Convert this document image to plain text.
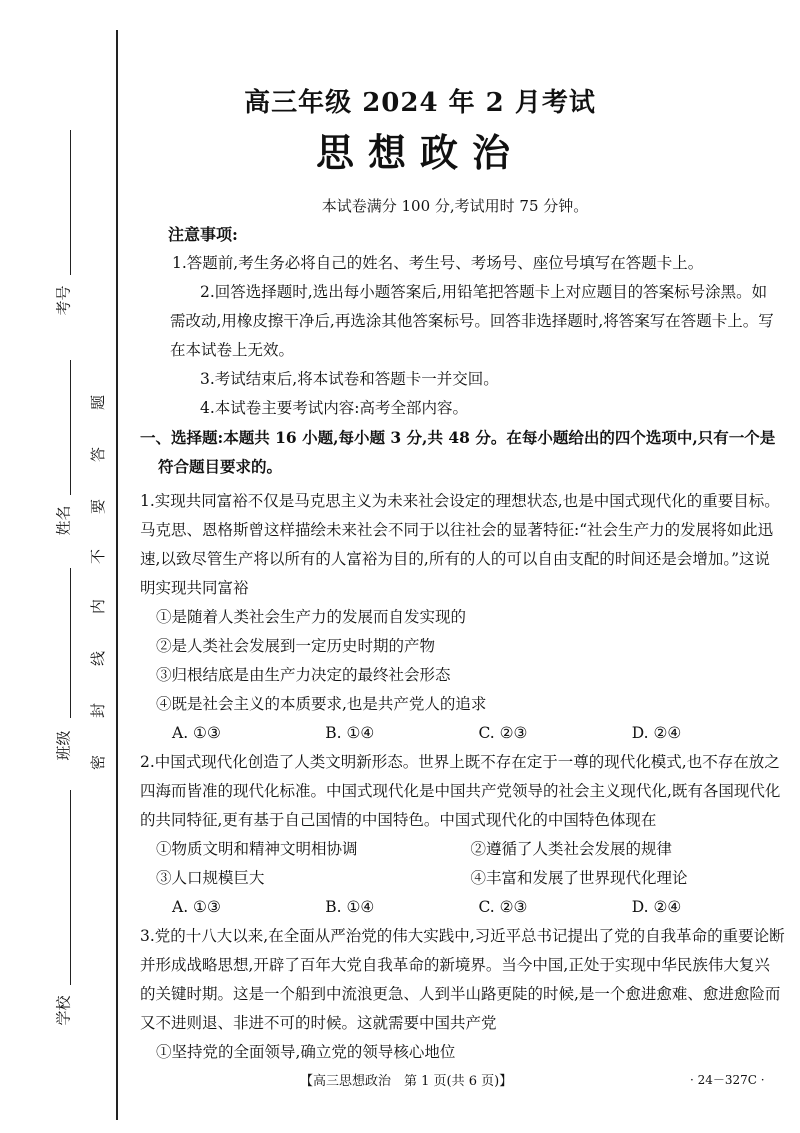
考号
姓名
班级
学校
密
封
线
内
不
要
答
题
高三年级 2024 年 2 月考试
思想政治
本试卷满分 100 分,考试用时 75 分钟。
注意事项:

1.答题前,考生务必将自己的姓名、考生号、考场号、座位号填写在答题卡上。

2.回答选择题时,选出每小题答案后,用铅笔把答题卡上对应题目的答案标号涂黑。如需改动,用橡皮擦干净后,再选涂其他答案标号。回答非选择题时,将答案写在答题卡上。写在本试卷上无效。

3.考试结束后,将本试卷和答题卡一并交回。

4.本试卷主要考试内容:高考全部内容。

一、选择题:本题共 16 小题,每小题 3 分,共 48 分。在每小题给出的四个选项中,只有一个是符合题目要求的。

1.实现共同富裕不仅是马克思主义为未来社会设定的理想状态,也是中国式现代化的重要目标。马克思、恩格斯曾这样描绘未来社会不同于以往社会的显著特征:“社会生产力的发展将如此迅速,以致尽管生产将以所有的人富裕为目的,所有的人的可以自由支配的时间还是会增加。”这说明实现共同富裕

①是随着人类社会生产力的发展而自发实现的
②是人类社会发展到一定历史时期的产物
③归根结底是由生产力决定的最终社会形态
④既是社会主义的本质要求,也是共产党人的追求
A. ①③	B. ①④	C. ②③	D. ②④

2.中国式现代化创造了人类文明新形态。世界上既不存在定于一尊的现代化模式,也不存在放之四海而皆准的现代化标准。中国式现代化是中国共产党领导的社会主义现代化,既有各国现代化的共同特征,更有基于自己国情的中国特色。中国式现代化的中国特色体现在

①物质文明和精神文明相协调	②遵循了人类社会发展的规律
③人口规模巨大	④丰富和发展了世界现代化理论
A. ①③	B. ①④	C. ②③	D. ②④

3.党的十八大以来,在全面从严治党的伟大实践中,习近平总书记提出了党的自我革命的重要论断并形成战略思想,开辟了百年大党自我革命的新境界。当今中国,正处于实现中华民族伟大复兴的关键时期。这是一个船到中流浪更急、人到半山路更陡的时候,是一个愈进愈难、愈进愈险而又不进则退、非进不可的时候。这就需要中国共产党

①坚持党的全面领导,确立党的领导核心地位
【高三思想政治　第 1 页(共 6 页)】	· 24－327C ·
